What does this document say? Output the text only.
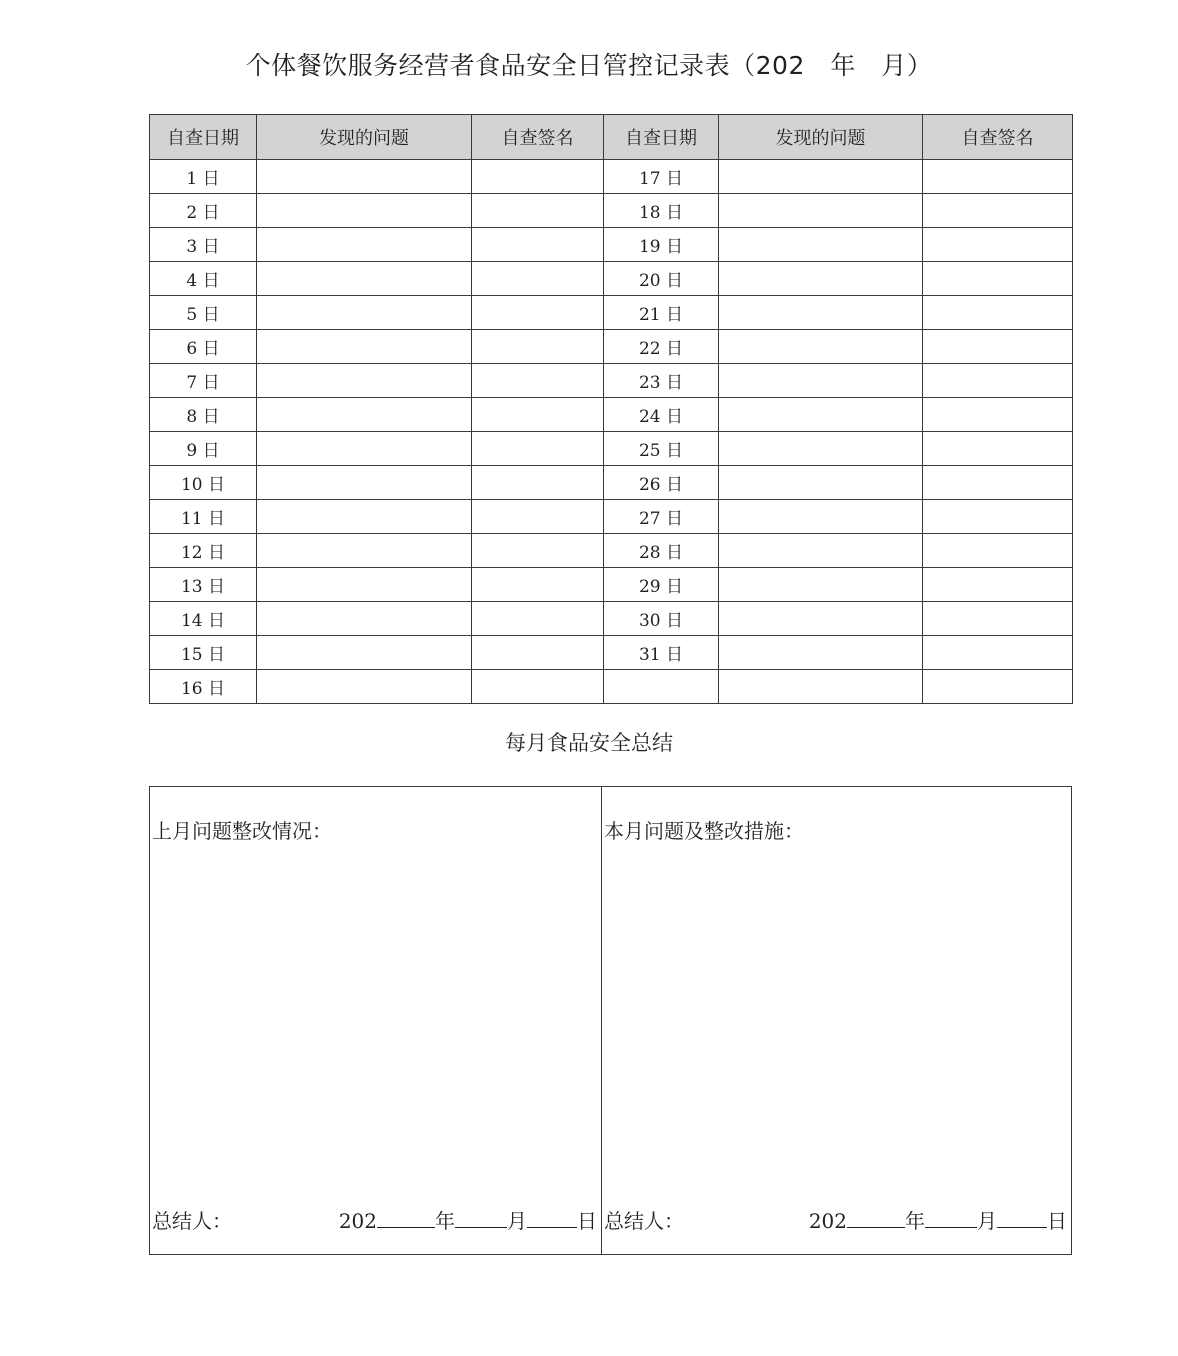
个体餐饮服务经营者食品安全日管控记录表（202　年　月）
自查日期	发现的问题	自查签名	自查日期	发现的问题	自查签名
1 日			17 日		
2 日			18 日		
3 日			19 日		
4 日			20 日		
5 日			21 日		
6 日			22 日		
7 日			23 日		
8 日			24 日		
9 日			25 日		
10 日			26 日		
11 日			27 日		
12 日			28 日		
13 日			29 日		
14 日			30 日		
15 日			31 日		
16 日					
每月食品安全总结
上月问题整改情况：
总结人：	202	年	月	日
本月问题及整改措施：
总结人：	202	年	月	日
